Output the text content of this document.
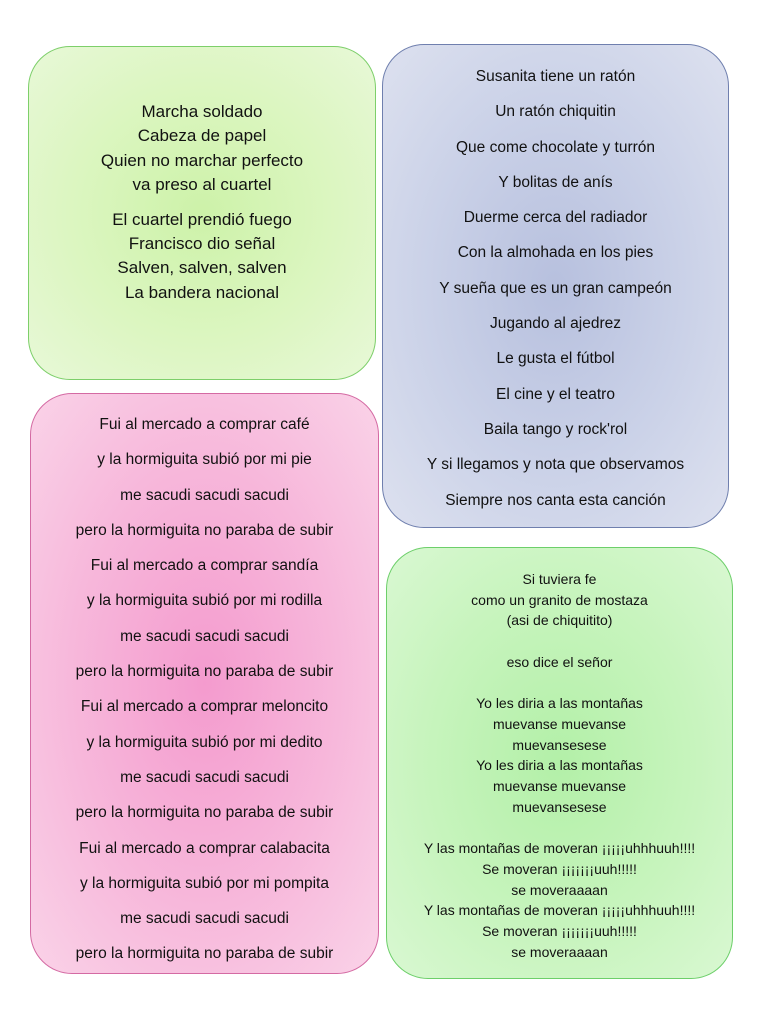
Marcha soldado

Cabeza de papel

Quien no marchar perfecto

va preso al cuartel

El cuartel prendió fuego

Francisco dio señal

Salven, salven, salven

La bandera nacional

Susanita tiene un ratón

Un ratón chiquitin

Que come chocolate y turrón

Y bolitas de anís

Duerme cerca del radiador

Con la almohada en los pies

Y sueña que es un gran campeón

Jugando al ajedrez

Le gusta el fútbol

El cine y el teatro

Baila tango y rock'rol

Y si llegamos y nota que observamos

Siempre nos canta esta canción

Fui al mercado a comprar café

y la hormiguita subió por mi pie

me sacudi sacudi sacudi

pero la hormiguita no paraba de subir

Fui al mercado a comprar sandía

y la hormiguita subió por mi rodilla

me sacudi sacudi sacudi

pero la hormiguita no paraba de subir

Fui al mercado a comprar meloncito

y la hormiguita subió por mi dedito

me sacudi sacudi sacudi

pero la hormiguita no paraba de subir

Fui al mercado a comprar calabacita

y la hormiguita subió por mi pompita

me sacudi sacudi sacudi

pero la hormiguita no paraba de subir

Si tuviera fe

como un granito de mostaza

(asi de chiquitito)

eso dice el señor

Yo les diria a las montañas

muevanse muevanse

muevansesese

Yo les diria a las montañas

muevanse muevanse

muevansesese

Y las montañas de moveran ¡¡¡¡¡uhhhuuh!!!!

Se moveran ¡¡¡¡¡¡¡uuh!!!!!

se moveraaaan

Y las montañas de moveran ¡¡¡¡¡uhhhuuh!!!!

Se moveran ¡¡¡¡¡¡¡uuh!!!!!

se moveraaaan
